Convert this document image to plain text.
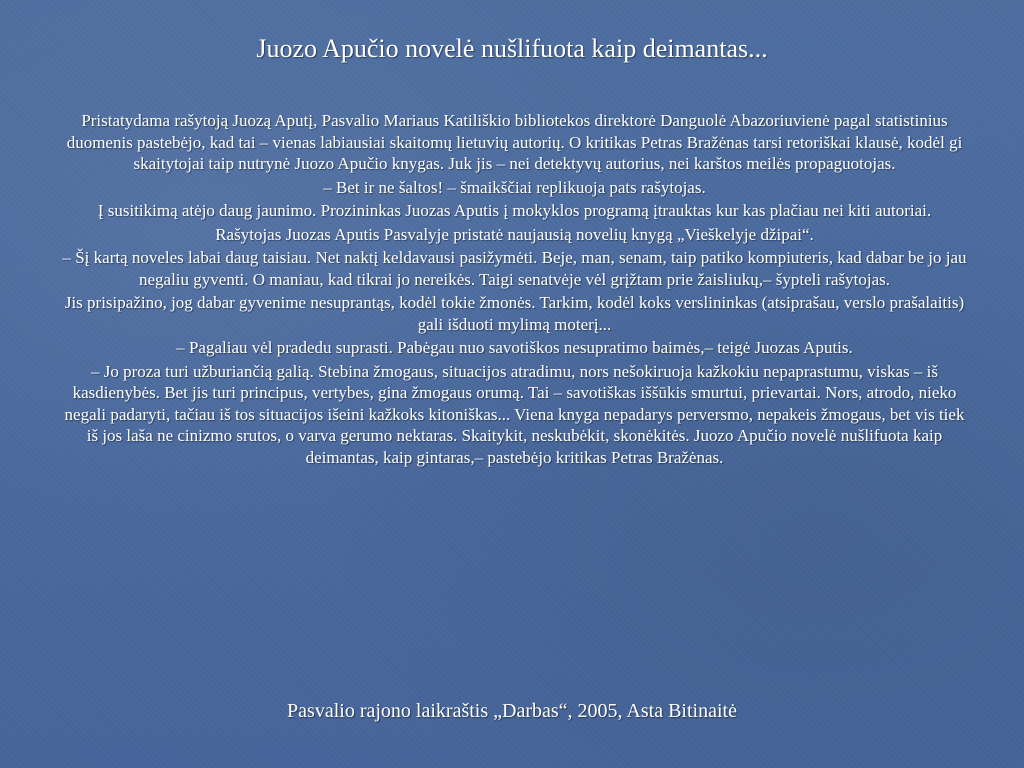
Juozo Apučio novelė nušlifuota kaip deimantas...

Pristatydama rašytoją Juozą Aputį, Pasvalio Mariaus Katiliškio bibliotekos direktorė Danguolė Abazoriuvienė pagal statistinius duomenis pastebėjo, kad tai – vienas labiausiai skaitomų lietuvių autorių. O kritikas Petras Bražėnas tarsi retoriškai klausė, kodėl gi skaitytojai taip nutrynė Juozo Apučio knygas. Juk jis – nei detektyvų autorius, nei karštos meilės propaguotojas.

– Bet ir ne šaltos! – šmaikščiai replikuoja pats rašytojas.

Į susitikimą atėjo daug jaunimo. Prozininkas Juozas Aputis į mokyklos programą įtrauktas kur kas plačiau nei kiti autoriai.

Rašytojas Juozas Aputis Pasvalyje pristatė naujausią novelių knygą „Vieškelyje džipai“.

– Šį kartą noveles labai daug taisiau. Net naktį keldavausi pasižymėti. Beje, man, senam, taip patiko kompiuteris, kad dabar be jo jau negaliu gyventi. O maniau, kad tikrai jo nereikės. Taigi senatvėje vėl grįžtam prie žaisliukų,– šypteli rašytojas.

Jis prisipažino, jog dabar gyvenime nesuprantąs, kodėl tokie žmonės. Tarkim, kodėl koks verslininkas (atsiprašau, verslo prašalaitis) gali išduoti mylimą moterį...

– Pagaliau vėl pradedu suprasti. Pabėgau nuo savotiškos nesupratimo baimės,– teigė Juozas Aputis.

– Jo proza turi užburiančią galią. Stebina žmogaus, situacijos atradimu, nors nešokiruoja kažkokiu nepaprastumu, viskas – iš kasdienybės. Bet jis turi principus, vertybes, gina žmogaus orumą. Tai – savotiškas iššūkis smurtui, prievartai. Nors, atrodo, nieko negali padaryti, tačiau iš tos situacijos išeini kažkoks kitoniškas... Viena knyga nepadarys perversmo, nepakeis žmogaus, bet vis tiek iš jos laša ne cinizmo srutos, o varva gerumo nektaras. Skaitykit, neskubėkit, skonėkitės. Juozo Apučio novelė nušlifuota kaip deimantas, kaip gintaras,– pastebėjo kritikas Petras Bražėnas.

Pasvalio rajono laikraštis „Darbas“, 2005, Asta Bitinaitė
